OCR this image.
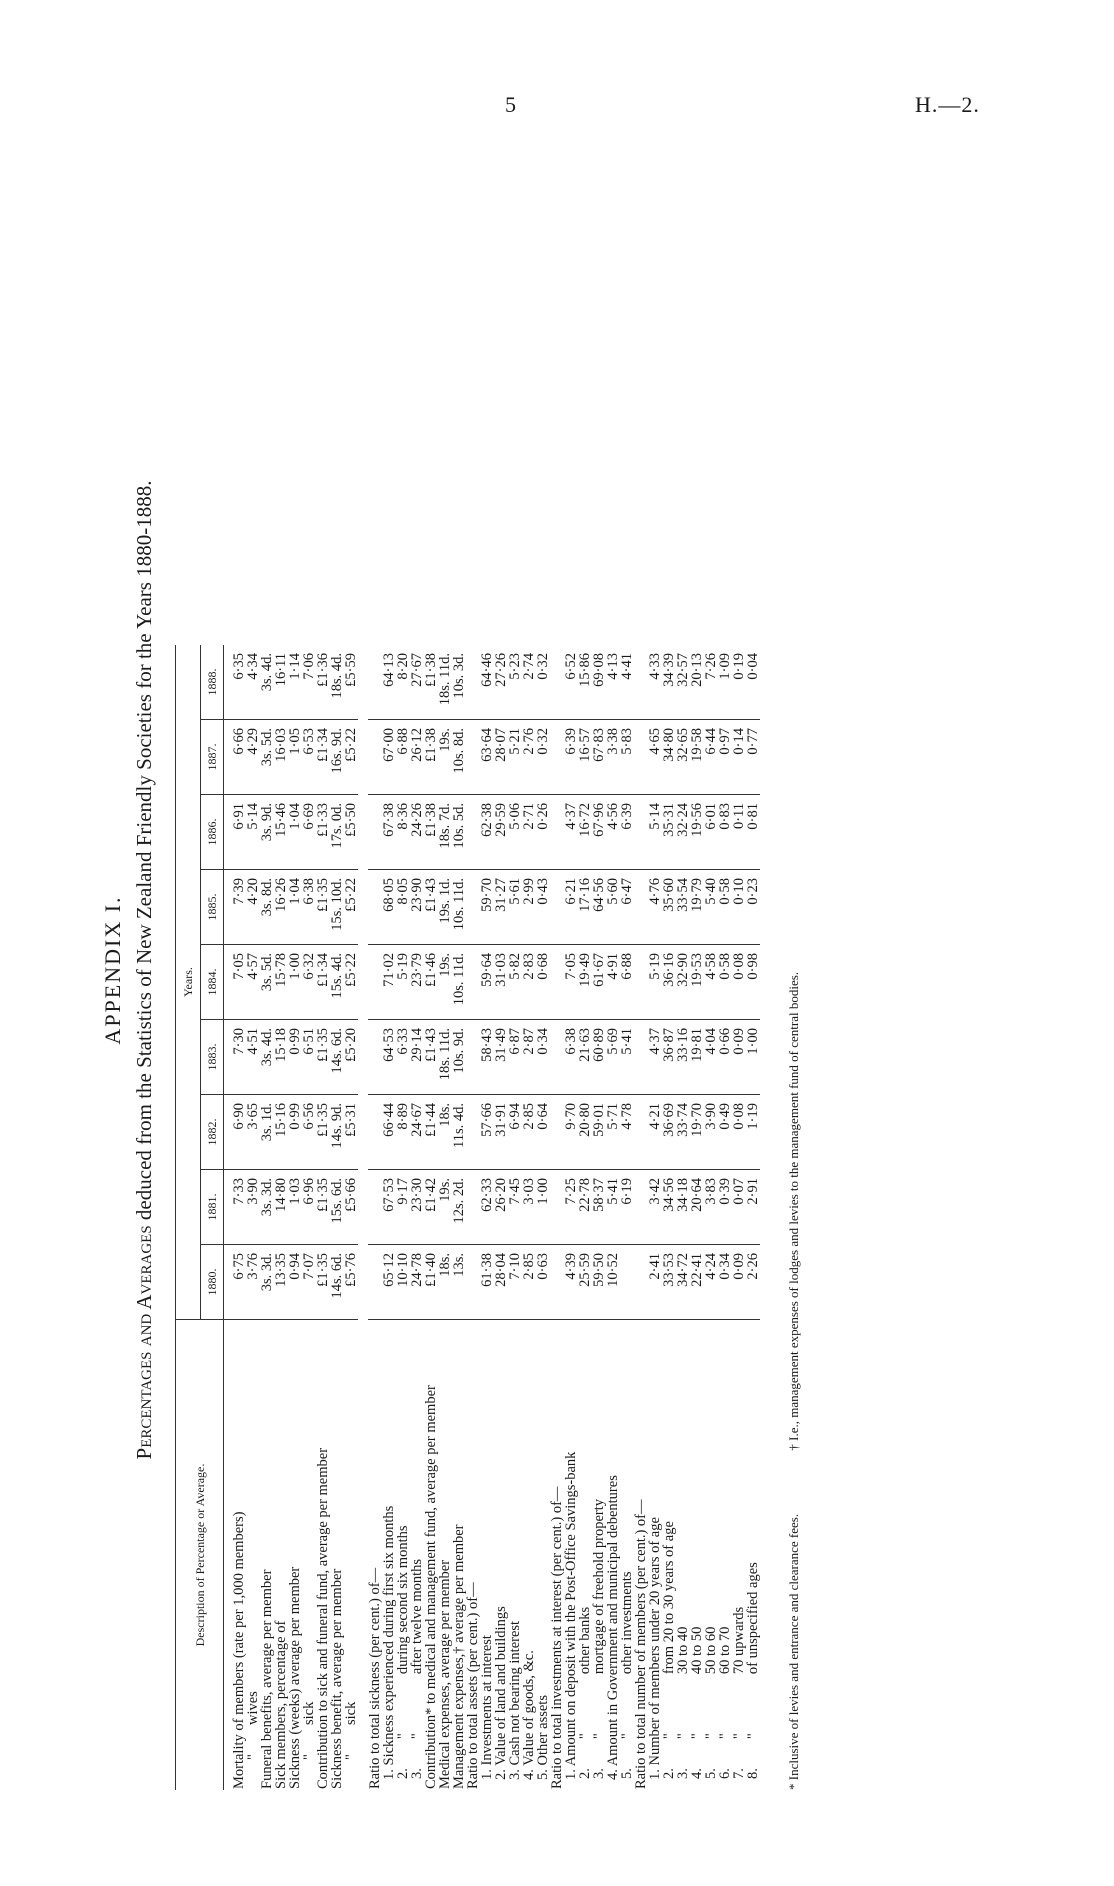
5	H.—2.
APPENDIX I.
Percentages and Averages deduced from the Statistics of New Zealand Friendly Societies for the Years 1880-1888.
Description of Percentage or Average.	Years.								
	1880.	1881.	1882.	1883.	1884.	1885.	1886.	1887.	1888.
Mortality of members (rate per 1,000 members)	6·75	7·33	6·90	7·30	7·05	7·39	6·91	6·66	6·35
"wives	3·76	3·90	3·65	4·51	4·57	4·20	5·14	4·29	4·34
Funeral benefits, average per member	3s. 3d.	3s. 3d.	3s. 1d.	3s. 4d.	3s. 5d.	3s. 8d.	3s. 9d.	3s. 5d.	3s. 4d.
Sick members, percentage of	13·35	14·80	15·16	15·18	15·78	16·26	15·46	16·03	16·11
Sickness (weeks) average per member	0·94	1·03	0·99	0·99	1·00	1·04	1·04	1·05	1·14
"sick	7·07	6·96	6·56	6·51	6·32	6·38	6·69	6·53	7·06
Contribution to sick and funeral fund, average per member	£1·35	£1·35	£1·35	£1·35	£1·34	£1·35	£1·33	£1·34	£1·36
Sickness benefit, average per member	14s. 6d.	15s. 6d.	14s. 9d.	14s. 6d.	15s. 4d.	15s. 10d.	17s. 0d.	16s. 9d.	18s. 4d.
"sick	£5·76	£5·66	£5·31	£5·20	£5·22	£5·22	£5·50	£5·22	£5·59

Ratio to total sickness (per cent.) of—									
1. Sickness experienced during first six months	65·12	67·53	66·44	64·53	71·02	68·05	67·38	67·00	64·13
2."during second six months	10·10	9·17	8·89	6·33	5·19	8·05	8·36	6·88	8·20
3."after twelve months	24·78	23·30	24·67	29·14	23·79	23·90	24·26	26·12	27·67
Contribution* to medical and management fund, average per member	£1·40	£1·42	£1·44	£1·43	£1·46	£1·43	£1·38	£1·38	£1·38
Medical expenses, average per member	18s.	19s.	18s.	18s. 11d.	19s.	19s. 1d.	18s. 7d.	19s.	18s. 11d.
Management expenses,† average per member	13s.	12s. 2d.	11s. 4d.	10s. 9d.	10s. 11d.	10s. 11d.	10s. 5d.	10s. 8d.	10s. 3d.
Ratio to total assets (per cent.) of—									
1. Investments at interest	61·38	62·33	57·66	58·43	59·64	59·70	62·38	63·64	64·46
2. Value of land and buildings	28·04	26·20	31·91	31·49	31·03	31·27	29·59	28·07	27·26
3. Cash not bearing interest	7·10	7·45	6·94	6·87	5·82	5·61	5·06	5·21	5·23
4. Value of goods, &c.	2·85	3·03	2·85	2·87	2·83	2·99	2·71	2·76	2·74
5. Other assets	0·63	1·00	0·64	0·34	0·68	0·43	0·26	0·32	0·32
Ratio to total investments at interest (per cent.) of—									
1. Amount on deposit with the Post-Office Savings-bank	4·39	7·25	9·70	6·38	7·05	6·21	4·37	6·39	6·52
2."other banks	25·59	22·78	20·80	21·63	19·49	17·16	16·72	16·57	15·86
3."mortgage of freehold property	59·50	58·37	59·01	60·89	61·67	64·56	67·96	67·83	69·08
4. Amount in Government and municipal debentures	10·52	5·41	5·71	5·69	4·91	5·60	4·56	3·38	4·13
5."other investments		6·19	4·78	5·41	6·88	6·47	6·39	5·83	4·41
Ratio to total number of members (per cent.) of—									
1. Number of members under 20 years of age	2·41	3·42	4·21	4·37	5·19	4·76	5·14	4·65	4·33
2."from 20 to 30 years of age	33·53	34·56	36·69	36·87	36·16	35·60	35·31	34·80	34·39
3."30 to 40	34·72	34·18	33·74	33·16	32·90	33·54	32·24	32·65	32·57
4."40 to 50	22·41	20·64	19·70	19·81	19·53	19·79	19·56	19·58	20·13
5."50 to 60	4·24	3·83	3·90	4·04	4·58	5·40	6·01	6·44	7·26
6."60 to 70	0·34	0·39	0·49	0·66	0·58	0·58	0·83	0·97	1·09
7."70 upwards	0·09	0·07	0·08	0·09	0·08	0·10	0·11	0·14	0·19
8."of unspecified ages	2·26	2·91	1·19	1·00	0·98	0·23	0·81	0·77	0·04
* Inclusive of levies and entrance and clearance fees. † I.e., management expenses of lodges and levies to the management fund of central bodies.
